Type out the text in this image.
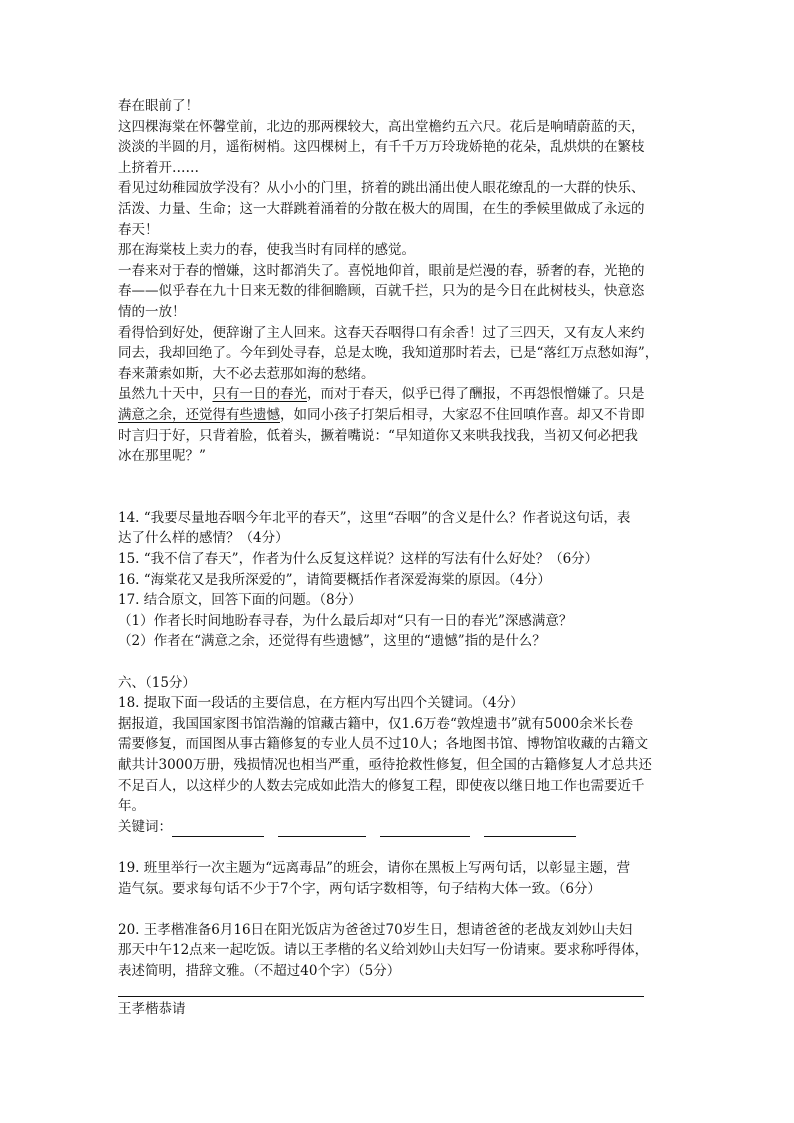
春在眼前了！

这四棵海棠在怀馨堂前，北边的那两棵较大，高出堂檐约五六尺。花后是响晴蔚蓝的天，

淡淡的半圆的月，遥衔树梢。这四棵树上，有千千万万玲珑娇艳的花朵，乱烘烘的在繁枝

上挤着开……

看见过幼稚园放学没有？从小小的门里，挤着的跳出涌出使人眼花缭乱的一大群的快乐、

活泼、力量、生命；这一大群跳着涌着的分散在极大的周围，在生的季候里做成了永远的

春天！

那在海棠枝上卖力的春，使我当时有同样的感觉。

一春来对于春的憎嫌，这时都消失了。喜悦地仰首，眼前是烂漫的春，骄奢的春，光艳的

春——似乎春在九十日来无数的徘徊瞻顾，百就千拦，只为的是今日在此树枝头，快意恣

情的一放！

看得恰到好处，便辞谢了主人回来。这春天吞咽得口有余香！过了三四天，又有友人来约

同去，我却回绝了。今年到处寻春，总是太晚，我知道那时若去，已是“落红万点愁如海”，

春来萧索如斯，大不必去惹那如海的愁绪。

虽然九十天中，只有一日的春光，而对于春天，似乎已得了酬报，不再怨恨憎嫌了。只是

满意之余，还觉得有些遗憾，如同小孩子打架后相寻，大家忍不住回嗔作喜。却又不肯即

时言归于好，只背着脸，低着头，撅着嘴说：“早知道你又来哄我找我，当初又何必把我

冰在那里呢？”

14. “我要尽量地吞咽今年北平的春天”，这里“吞咽”的含义是什么？作者说这句话，表

达了什么样的感情？（4分）

15. “我不信了春天”，作者为什么反复这样说？这样的写法有什么好处？（6分）

16. “海棠花又是我所深爱的”，请简要概括作者深爱海棠的原因。（4分）

17. 结合原文，回答下面的问题。（8分）

（1）作者长时间地盼春寻春，为什么最后却对“只有一日的春光”深感满意？

（2）作者在“满意之余，还觉得有些遗憾”，这里的“遗憾”指的是什么？

六、（15分）

18. 提取下面一段话的主要信息，在方框内写出四个关键词。（4分）

据报道，我国国家图书馆浩瀚的馆藏古籍中，仅1.6万卷“敦煌遗书”就有5000余米长卷

需要修复，而国图从事古籍修复的专业人员不过10人；各地图书馆、博物馆收藏的古籍文

献共计3000万册，残损情况也相当严重，亟待抢救性修复，但全国的古籍修复人才总共还

不足百人，以这样少的人数去完成如此浩大的修复工程，即使夜以继日地工作也需要近千

年。

关键词：

19. 班里举行一次主题为“远离毒品”的班会，请你在黑板上写两句话，以彰显主题，营

造气氛。要求每句话不少于7个字，两句话字数相等，句子结构大体一致。（6分）

20. 王孝楷准备6月16日在阳光饭店为爸爸过70岁生日，想请爸爸的老战友刘妙山夫妇

那天中午12点来一起吃饭。请以王孝楷的名义给刘妙山夫妇写一份请柬。要求称呼得体，

表述简明，措辞文雅。（不超过40个字）（5分）

王孝楷恭请
